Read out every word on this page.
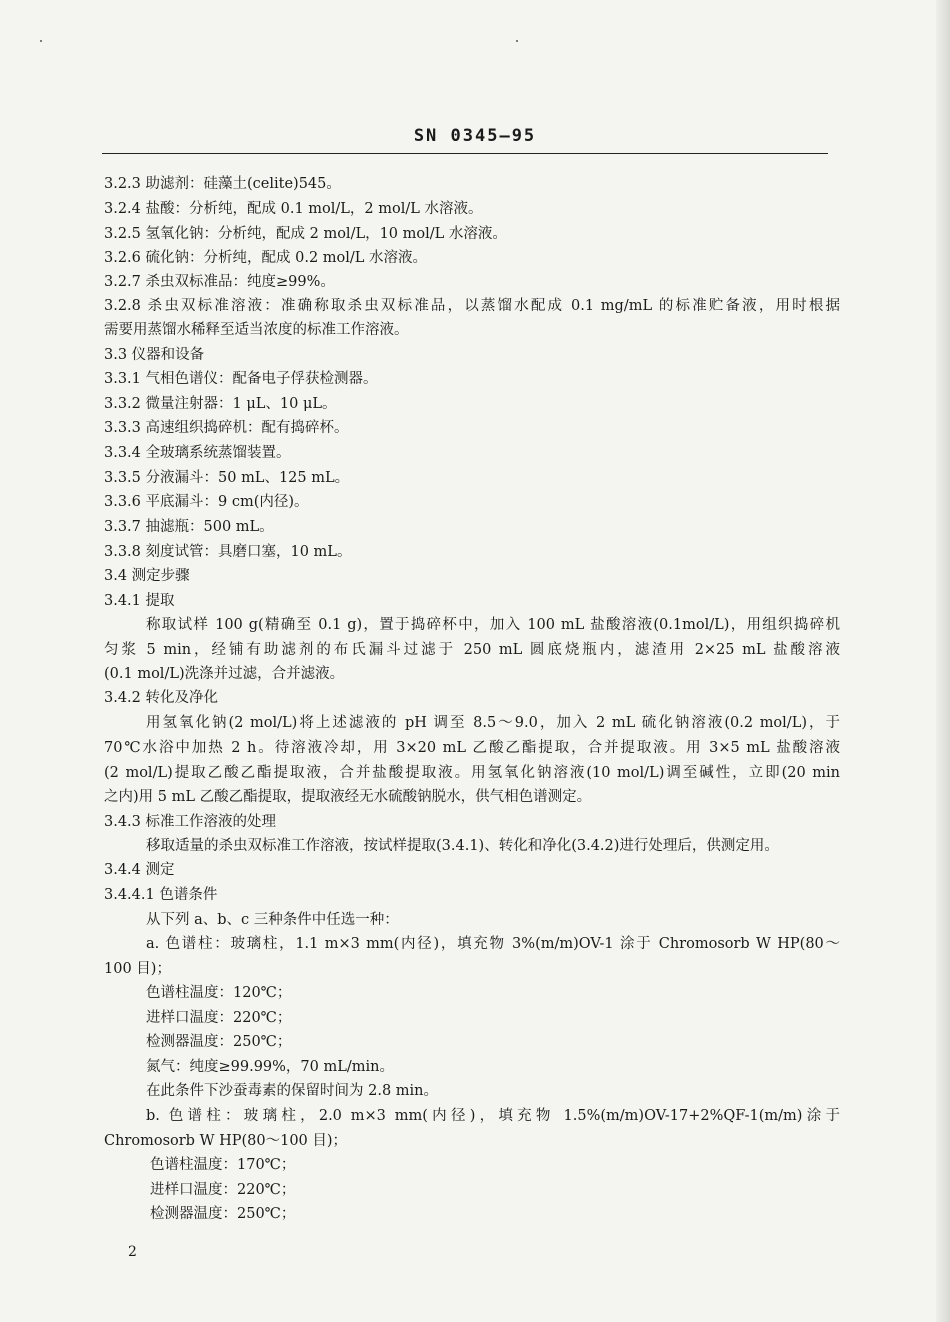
SN 0345—95
3.2.3 助滤剂：硅藻土(celite)545。
3.2.4 盐酸：分析纯，配成 0.1 mol/L，2 mol/L 水溶液。
3.2.5 氢氧化钠：分析纯，配成 2 mol/L，10 mol/L 水溶液。
3.2.6 硫化钠：分析纯，配成 0.2 mol/L 水溶液。
3.2.7 杀虫双标准品：纯度≥99%。
3.2.8 杀虫双标准溶液：准确称取杀虫双标准品，以蒸馏水配成 0.1 mg/mL 的标准贮备液，用时根据
需要用蒸馏水稀释至适当浓度的标准工作溶液。
3.3 仪器和设备
3.3.1 气相色谱仪：配备电子俘获检测器。
3.3.2 微量注射器：1 μL、10 μL。
3.3.3 高速组织捣碎机：配有捣碎杯。
3.3.4 全玻璃系统蒸馏装置。
3.3.5 分液漏斗：50 mL、125 mL。
3.3.6 平底漏斗：9 cm(内径)。
3.3.7 抽滤瓶：500 mL。
3.3.8 刻度试管：具磨口塞，10 mL。
3.4 测定步骤
3.4.1 提取
称取试样 100 g(精确至 0.1 g)，置于捣碎杯中，加入 100 mL 盐酸溶液(0.1mol/L)，用组织捣碎机
匀浆 5 min，经铺有助滤剂的布氏漏斗过滤于 250 mL 圆底烧瓶内，滤渣用 2×25 mL 盐酸溶液
(0.1 mol/L)洗涤并过滤，合并滤液。
3.4.2 转化及净化
用氢氧化钠(2 mol/L)将上述滤液的 pH 调至 8.5～9.0，加入 2 mL 硫化钠溶液(0.2 mol/L)，于
70℃水浴中加热 2 h。待溶液冷却，用 3×20 mL 乙酸乙酯提取，合并提取液。用 3×5 mL 盐酸溶液
(2 mol/L)提取乙酸乙酯提取液，合并盐酸提取液。用氢氧化钠溶液(10 mol/L)调至碱性，立即(20 min
之内)用 5 mL 乙酸乙酯提取，提取液经无水硫酸钠脱水，供气相色谱测定。
3.4.3 标准工作溶液的处理
移取适量的杀虫双标准工作溶液，按试样提取(3.4.1)、转化和净化(3.4.2)进行处理后，供测定用。
3.4.4 测定
3.4.4.1 色谱条件
从下列 a、b、c 三种条件中任选一种：
a. 色谱柱：玻璃柱，1.1 m×3 mm(内径)，填充物 3%(m/m)OV-1 涂于 Chromosorb W HP(80～
100 目)；
色谱柱温度：120℃；
进样口温度：220℃；
检测器温度：250℃；
氮气：纯度≥99.99%，70 mL/min。
在此条件下沙蚕毒素的保留时间为 2.8 min。
b. 色谱柱：玻璃柱，2.0 m×3 mm(内径)，填充物 1.5%(m/m)OV-17+2%QF-1(m/m)涂于
Chromosorb W HP(80～100 目)；
色谱柱温度：170℃；
进样口温度：220℃；
检测器温度：250℃；
2
